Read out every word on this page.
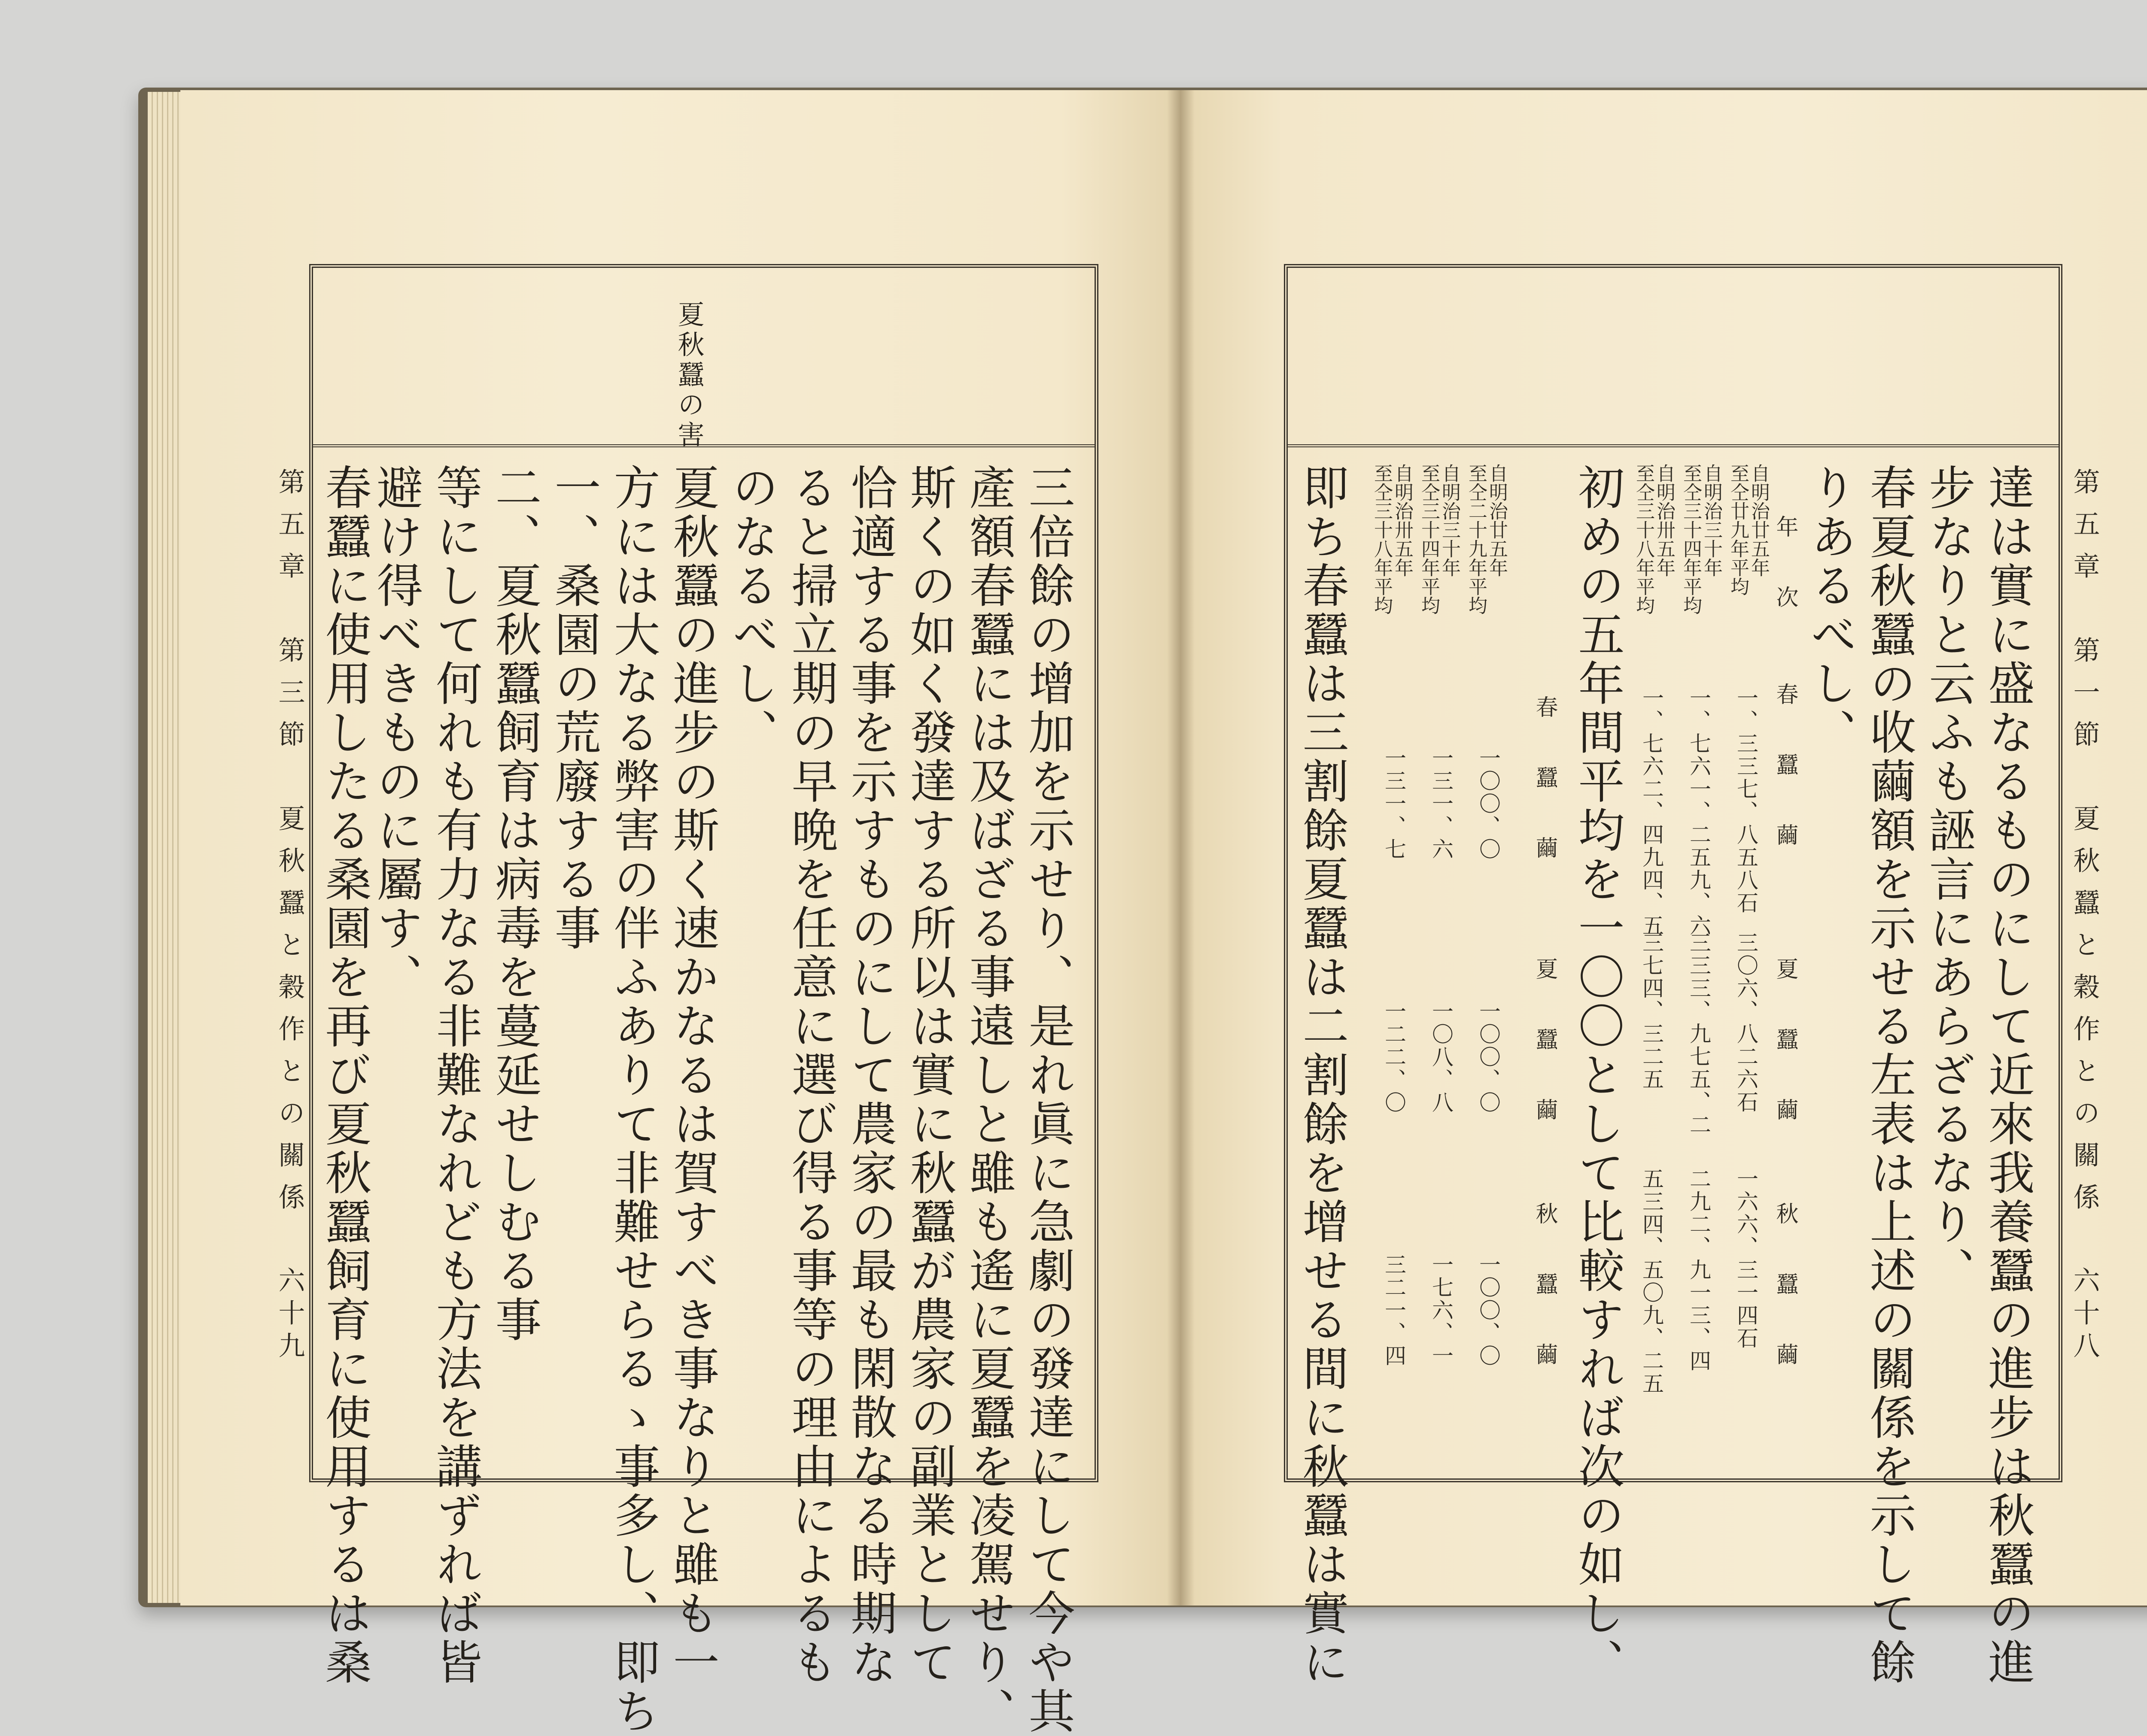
夏秋蠶の害
三倍餘の增加を示せり、是れ眞に急劇の發達にして今や其
產額春蠶には及ばざる事遠しと雖も遙に夏蠶を凌駕せり、
斯くの如く發達する所以は實に秋蠶が農家の副業として
恰適する事を示すものにして農家の最も閑散なる時期な
ると掃立期の早晩を任意に選び得る事等の理由によるも
のなるべし、
夏秋蠶の進步の斯く速かなるは賀すべき事なりと雖も一
方には大なる弊害の伴ふありて非難せらるゝ事多し、即ち
一、桑園の荒廢する事
二、夏秋蠶飼育は病毒を蔓延せしむる事
等にして何れも有力なる非難なれども方法を講ずれば皆
避け得べきものに屬す、
春蠶に使用したる桑園を再び夏秋蠶飼育に使用するは桑
第五章　第三節　夏秋蠶と穀作との關係
六十九
第五章　第一節　夏秋蠶と穀作との關係
六十八
達は實に盛なるものにして近來我養蠶の進步は秋蠶の進
步なりと云ふも誣言にあらざるなり、
春夏秋蠶の收繭額を示せる左表は上述の關係を示して餘
りあるべし、
年　次
春　蠶　繭
夏　蠶　繭
秋　蠶　繭
自明治廿五年
至仝廿九年平均
一、三三七、八五八石
三〇六、八二六石
一六六、三一四石
自明治三十年
至仝三十四年平均
一、七六一、二五九、六
三三三、九七五、二
二九二、九一三、四
自明治卅五年
至仝三十八年平均
一、七六二、四九四、五
三七四、三二五
五三四、五〇九、二五
初めの五年間平均を一〇〇として比較すれば次の如し、
春　蠶　繭
夏　蠶　繭
秋　蠶　繭
自明治廿五年
至仝二十九年平均
一〇〇、〇
一〇〇、〇
一〇〇、〇
自明治三十年
至仝三十四年平均
一三一、六
一〇八、八
一七六、一
自明治卅五年
至仝三十八年平均
一三一、七
一二二、〇
三二一、四
即ち春蠶は三割餘夏蠶は二割餘を增せる間に秋蠶は實に
